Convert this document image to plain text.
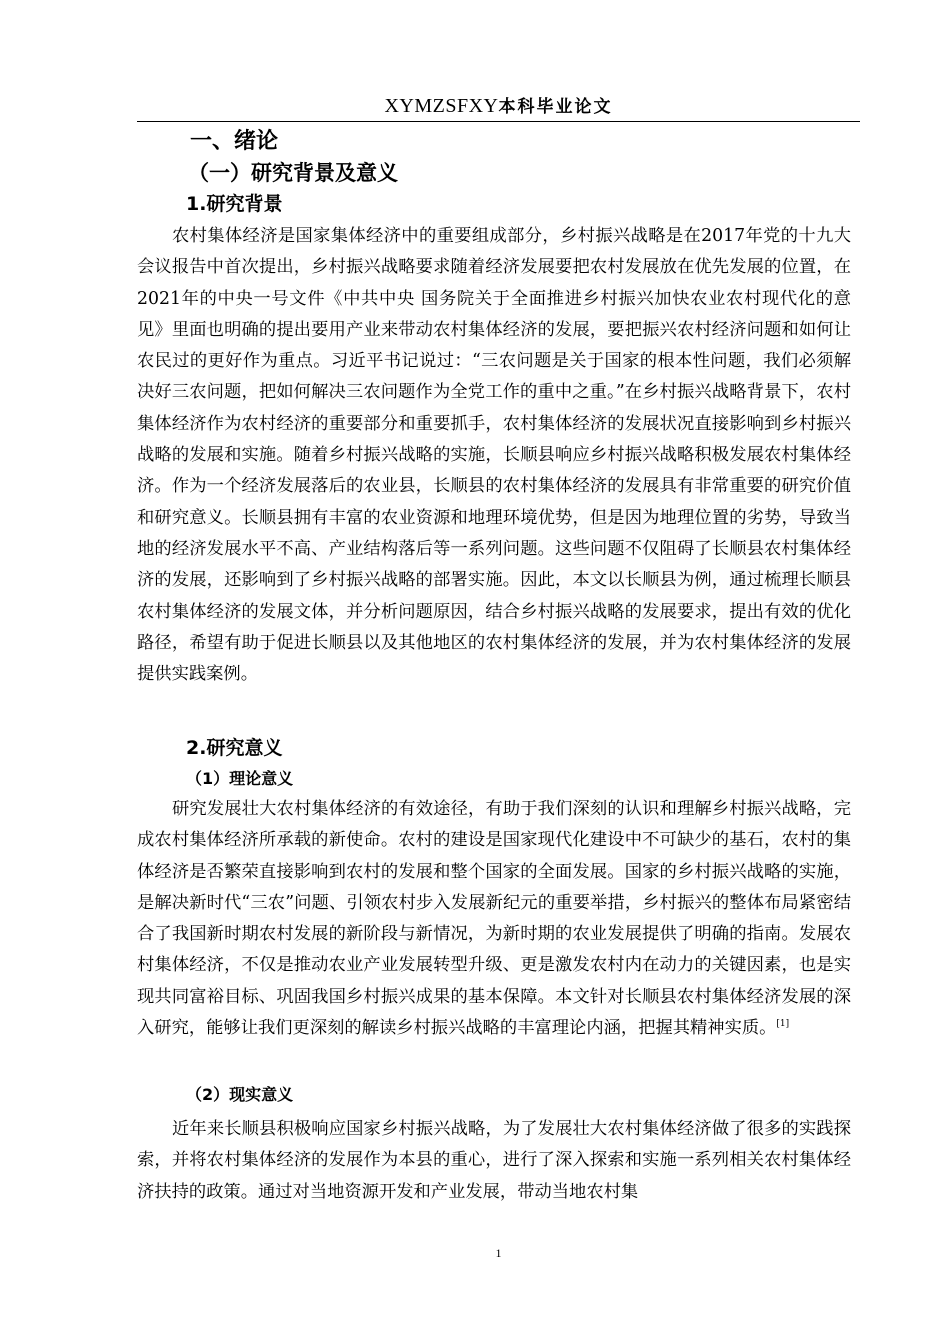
XYMZSFXY本科毕业论文
一、绪论
（一）研究背景及意义
1.研究背景

农村集体经济是国家集体经济中的重要组成部分，乡村振兴战略是在2017年党的十九大会议报告中首次提出，乡村振兴战略要求随着经济发展要把农村发展放在优先发展的位置，在2021年的中央一号文件《中共中央 国务院关于全面推进乡村振兴加快农业农村现代化的意见》里面也明确的提出要用产业来带动农村集体经济的发展，要把振兴农村经济问题和如何让农民过的更好作为重点。习近平书记说过：“三农问题是关于国家的根本性问题，我们必须解决好三农问题，把如何解决三农问题作为全党工作的重中之重。”在乡村振兴战略背景下，农村集体经济作为农村经济的重要部分和重要抓手，农村集体经济的发展状况直接影响到乡村振兴战略的发展和实施。随着乡村振兴战略的实施，长顺县响应乡村振兴战略积极发展农村集体经济。作为一个经济发展落后的农业县，长顺县的农村集体经济的发展具有非常重要的研究价值和研究意义。长顺县拥有丰富的农业资源和地理环境优势，但是因为地理位置的劣势，导致当地的经济发展水平不高、产业结构落后等一系列问题。这些问题不仅阻碍了长顺县农村集体经济的发展，还影响到了乡村振兴战略的部署实施。因此，本文以长顺县为例，通过梳理长顺县农村集体经济的发展文体，并分析问题原因，结合乡村振兴战略的发展要求，提出有效的优化路径，希望有助于促进长顺县以及其他地区的农村集体经济的发展，并为农村集体经济的发展提供实践案例。

2.研究意义
（1）理论意义

研究发展壮大农村集体经济的有效途径，有助于我们深刻的认识和理解乡村振兴战略，完成农村集体经济所承载的新使命。农村的建设是国家现代化建设中不可缺少的基石，农村的集体经济是否繁荣直接影响到农村的发展和整个国家的全面发展。国家的乡村振兴战略的实施，是解决新时代“三农”问题、引领农村步入发展新纪元的重要举措，乡村振兴的整体布局紧密结合了我国新时期农村发展的新阶段与新情况，为新时期的农业发展提供了明确的指南。发展农村集体经济，不仅是推动农业产业发展转型升级、更是激发农村内在动力的关键因素，也是实现共同富裕目标、巩固我国乡村振兴成果的基本保障。本文针对长顺县农村集体经济发展的深入研究，能够让我们更深刻的解读乡村振兴战略的丰富理论内涵，把握其精神实质。[1]

（2）现实意义

近年来长顺县积极响应国家乡村振兴战略，为了发展壮大农村集体经济做了很多的实践探索，并将农村集体经济的发展作为本县的重心，进行了深入探索和实施一系列相关农村集体经济扶持的政策。通过对当地资源开发和产业发展，带动当地农村集

1
